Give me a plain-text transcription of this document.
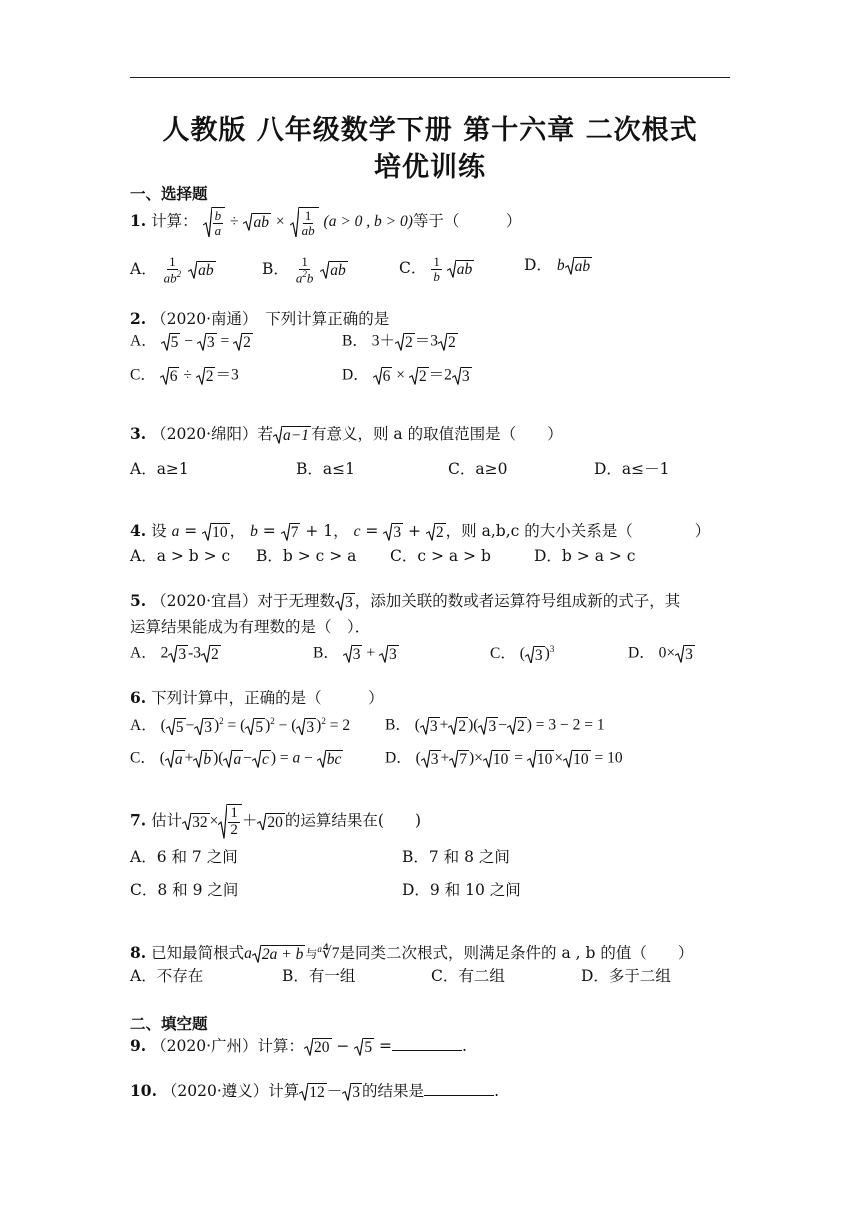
人教版 八年级数学下册 第十六章 二次根式
培优训练
一、选择题
1. 计算： $\frac{b}{a}$ ÷ ab × $\frac{1}{ab} (a > 0$ , b > 0)等于（　　　）
A． $\frac{1}{ab^2}$
ab	B． $\frac{1}{a^2b}$
ab	C． $\frac{1}{b}$
ab	D． b ab
2. （2020·南通）　下列计算正确的是
A． 5 − 3 = 2	B． 3＋ 2 ＝3 2
C． 6 ÷ 2 ＝3	D． 6 × 2 ＝2 3
3. （2020·绵阳）若 a−1 有意义，则 a 的取值范围是（　　）
A．a≥1	B．a≤1	C．a≥0	D．a≤－1
4. 设 a = 10 ， b = 7 + 1， c = 3 + 2 ，则 a,b,c 的大小关系是（　　　　）
A．a > b > c B．b > c > a C．c > a > b	D．b > a > c
5. （2020·宜昌）对于无理数 3 ，添加关联的数或者运算符号组成新的式子，其
运算结果能成为有理数的是（　）．
A． 2 3 -3 2	B． 3 + 3	C． ( 3 )$^3$	D． 0× 3
6. 下列计算中，正确的是（　　　）
A． ( 5 − 3 )$^2$ = ( 5 )$^2$ − ( 3 )$^2$ = 2 B． ( 3 + 2 )( 3 − 2 ) = 3 − 2 = 1
C． ( a + b )( a − c ) = a − bc	D． ( 3 + 7 )× 10 = 10 × 10 = 10
7. 估计 $32 \times \frac{1}{2} + 20$ 的运算结果在(　　)
A．6 和 7 之间	B．7 和 8 之间
C．8 和 9 之间	D．9 和 10 之间
8. 已知最简根式a 2a + b 与$^a$∜7是同类二次根式，则满足条件的 a , b 的值（　　）
A．不存在	B．有一组	C．有二组	D．多于二组
二、填空题
9. （2020·广州）计算： 20 − 5 =	.
10. （2020·遵义）计算 12 － 3 的结果是	.
